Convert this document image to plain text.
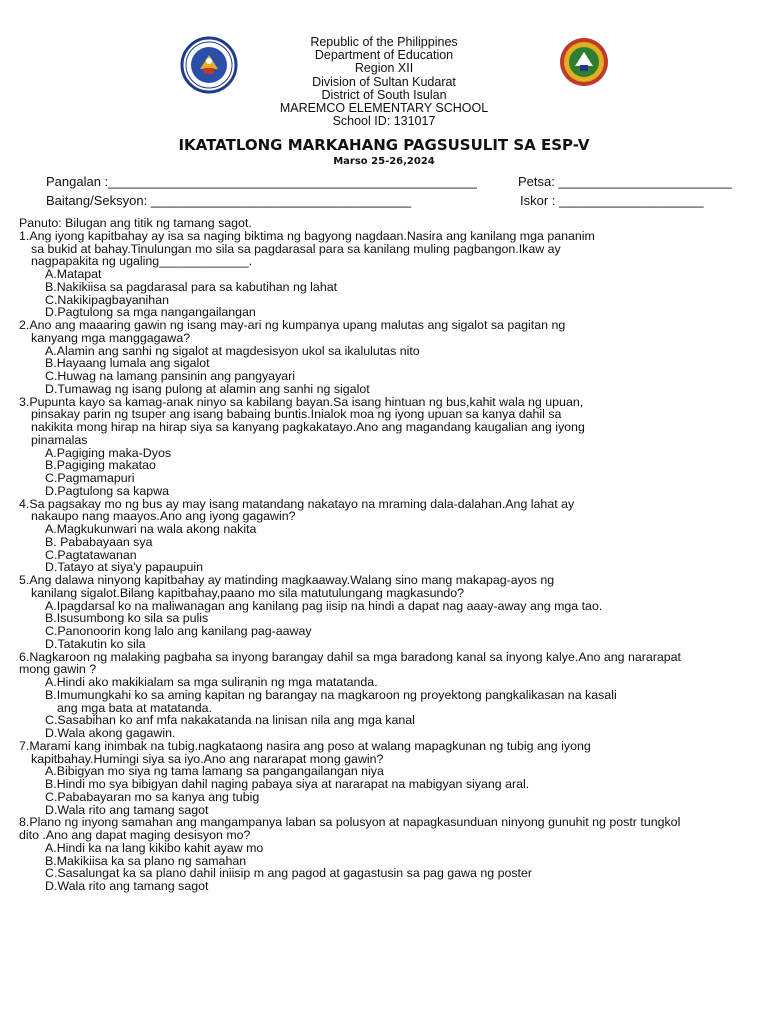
Republic of the Philippines
Department of Education
Region XII
Division of Sultan Kudarat
District of South Isulan
MAREMCO ELEMENTARY SCHOOL
School ID: 131017
IKATATLONG MARKAHANG PAGSUSULIT SA ESP-V
Marso 25-26,2024
Pangalan :___________________________________________________	Petsa: ________________________
Baitang/Seksyon: ____________________________________	Iskor : ____________________
Panuto: Bilugan ang titik ng tamang sagot.
1.Ang iyong kapitbahay ay isa sa naging biktima ng bagyong nagdaan.Nasira ang kanilang mga pananim
sa bukid at bahay.Tinulungan mo sila sa pagdarasal para sa kanilang muling pagbangon.Ikaw ay
nagpapakita ng ugaling_____________.
A.Matapat
B.Nakikiisa sa pagdarasal para sa kabutihan ng lahat
C.Nakikipagbayanihan
D.Pagtulong sa mga nangangailangan
2.Ano ang maaaring gawin ng isang may-ari ng kumpanya upang malutas ang sigalot sa pagitan ng
kanyang mga manggagawa?
A.Alamin ang sanhi ng sigalot at magdesisyon ukol sa ikalulutas nito
B.Hayaang lumala ang sigalot
C.Huwag na lamang pansinin ang pangyayari
D.Tumawag ng isang pulong at alamin ang sanhi ng sigalot
3.Pupunta kayo sa kamag-anak ninyo sa kabilang bayan.Sa isang hintuan ng bus,kahit wala ng upuan,
pinsakay parin ng tsuper ang isang babaing buntis.Inialok moa ng iyong upuan sa kanya dahil sa
nakikita mong hirap na hirap siya sa kanyang pagkakatayo.Ano ang magandang kaugalian ang iyong
pinamalas
A.Pagiging maka-Dyos
B.Pagiging makatao
C.Pagmamapuri
D.Pagtulong sa kapwa
4.Sa pagsakay mo ng bus ay may isang matandang nakatayo na mraming dala-dalahan.Ang lahat ay
nakaupo nang maayos.Ano ang iyong gagawin?
A.Magkukunwari na wala akong nakita
B. Pababayaan sya
C.Pagtatawanan
D.Tatayo at siya'y papaupuin
5.Ang dalawa ninyong kapitbahay ay matinding magkaaway.Walang sino mang makapag-ayos ng
kanilang sigalot.Bilang kapitbahay,paano mo sila matutulungang magkasundo?
A.Ipagdarsal ko na maliwanagan ang kanilang pag iisip na hindi a dapat nag aaay-away ang mga tao.
B.Isusumbong ko sila sa pulis
C.Panonoorin kong lalo ang kanilang pag-aaway
D.Tatakutin ko sila
6.Nagkaroon ng malaking pagbaha sa inyong barangay dahil sa mga baradong kanal sa inyong kalye.Ano ang nararapat
mong gawin ?
A.Hindi ako makikialam sa mga suliranin ng mga matatanda.
B.Imumungkahi ko sa aming kapitan ng barangay na magkaroon ng proyektong pangkalikasan na kasali
ang mga bata at matatanda.
C.Sasabihan ko anf mfa nakakatanda na linisan nila ang mga kanal
D.Wala akong gagawin.
7.Marami kang inimbak na tubig.nagkataong nasira ang poso at walang mapagkunan ng tubig ang iyong
kapitbahay.Humingi siya sa iyo.Ano ang nararapat mong gawin?
A.Bibigyan mo siya ng tama lamang sa pangangailangan niya
B.Hindi mo sya bibigyan dahil naging pabaya siya at nararapat na mabigyan siyang aral.
C.Pababayaran mo sa kanya ang tubig
D.Wala rito ang tamang sagot
8.Plano ng inyong samahan ang mangampanya laban sa polusyon at napagkasunduan ninyong gunuhit ng postr tungkol
dito .Ano ang dapat maging desisyon mo?
A.Hindi ka na lang kikibo kahit ayaw mo
B.Makikiisa ka sa plano ng samahan
C.Sasalungat ka sa plano dahil iniisip m ang pagod at gagastusin sa pag gawa ng poster
D.Wala rito ang tamang sagot
